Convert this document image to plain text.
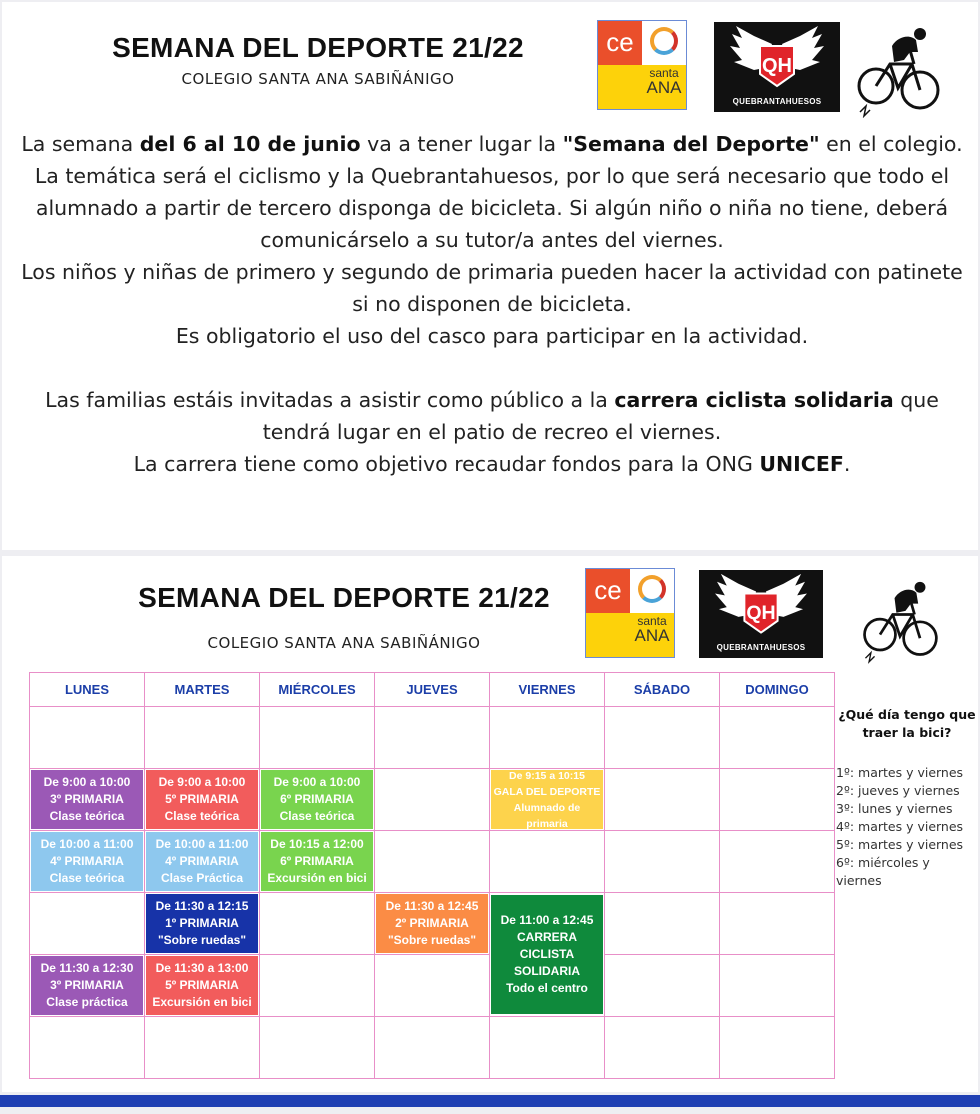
SEMANA DEL DEPORTE 21/22
COLEGIO SANTA ANA SABIÑÁNIGO
ce
santa
ANA
QH
QUEBRANTAHUESOS

La semana del 6 al 10 de junio va a tener lugar la "Semana del Deporte" en el colegio. La temática será el ciclismo y la Quebrantahuesos, por lo que será necesario que todo el alumnado a partir de tercero disponga de bicicleta. Si algún niño o niña no tiene, deberá comunicárselo a su tutor/a antes del viernes.

Los niños y niñas de primero y segundo de primaria pueden hacer la actividad con patinete si no disponen de bicicleta.

Es obligatorio el uso del casco para participar en la actividad.

Las familias estáis invitadas a asistir como público a la carrera ciclista solidaria que tendrá lugar en el patio de recreo el viernes.

La carrera tiene como objetivo recaudar fondos para la ONG UNICEF.

SEMANA DEL DEPORTE 21/22
COLEGIO SANTA ANA SABIÑÁNIGO
ce
santa
ANA
QH
QUEBRANTAHUESOS
LUNES	MARTES	MIÉRCOLES	JUEVES	VIERNES	SÁBADO	DOMINGO

De 9:00 a 10:00
3º PRIMARIA
Clase teórica	De 9:00 a 10:00
5º PRIMARIA
Clase teórica	De 9:00 a 10:00
6º PRIMARIA
Clase teórica		De 9:15 a 10:15
GALA DEL DEPORTE
Alumnado de
primaria		

De 10:00 a 11:00
4º PRIMARIA
Clase teórica	De 10:00 a 11:00
4º PRIMARIA
Clase Práctica	De 10:15 a 12:00
6º PRIMARIA
Excursión en bici				

	De 11:30 a 12:15
1º PRIMARIA
"Sobre ruedas"		De 11:30 a 12:45
2º PRIMARIA
"Sobre ruedas"	De 11:00 a 12:45
CARRERA CICLISTA
SOLIDARIA
Todo el centro		

De 11:30 a 12:30
3º PRIMARIA
Clase práctica	De 11:30 a 13:00
5º PRIMARIA
Excursión en bici					

¿Qué día tengo que traer la bici?
1º: martes y viernes
2º: jueves y viernes
3º: lunes y viernes
4º: martes y viernes
5º: martes y viernes
6º: miércoles y viernes
